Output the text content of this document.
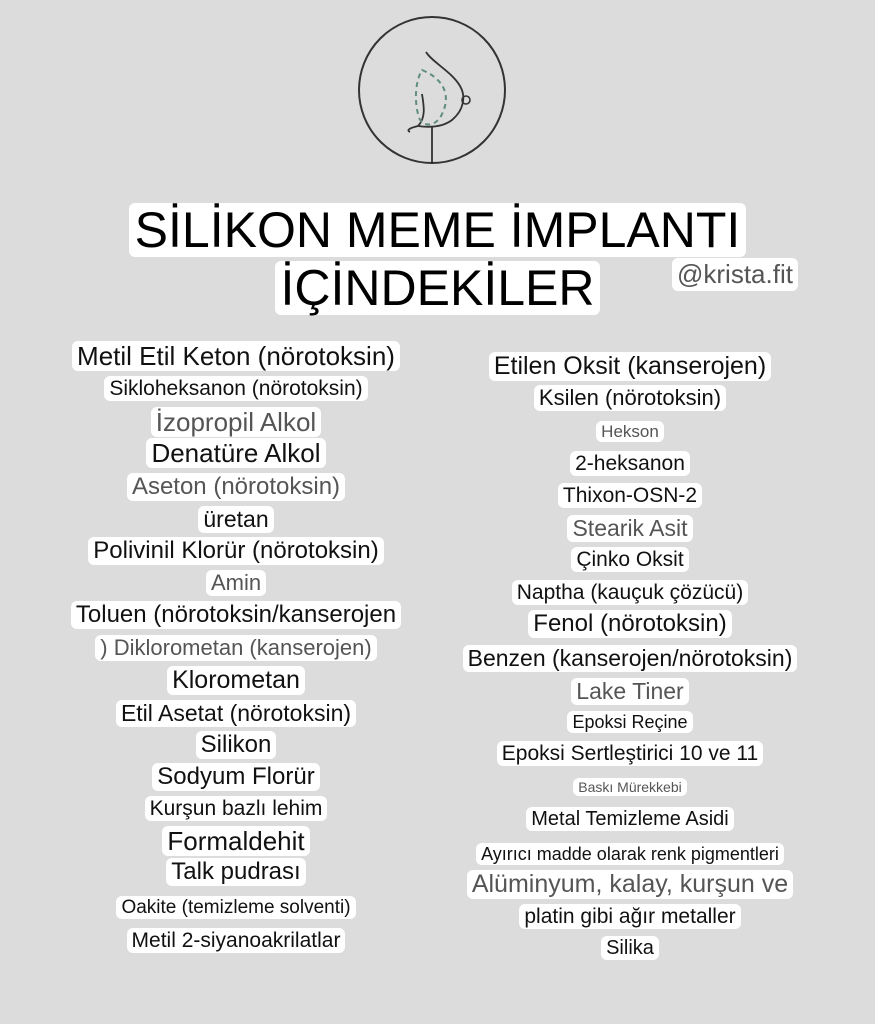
SİLİKON MEME İMPLANTI
İÇİNDEKİLER	@krista.fit
Metil Etil Keton (nörotoksin)
Sikloheksanon (nörotoksin)
İzopropil Alkol
Denatüre Alkol
Aseton (nörotoksin)
üretan
Polivinil Klorür (nörotoksin)
Amin
Toluen (nörotoksin/kanserojen
) Diklorometan (kanserojen)
Klorometan
Etil Asetat (nörotoksin)
Silikon
Sodyum Florür
Kurşun bazlı lehim
Formaldehit
Talk pudrası
Oakite (temizleme solventi)
Metil 2-siyanoakrilatlar
Etilen Oksit (kanserojen)
Ksilen (nörotoksin)
Hekson
2-heksanon
Thixon-OSN-2
Stearik Asit
Çinko Oksit
Naptha (kauçuk çözücü)
Fenol (nörotoksin)
Benzen (kanserojen/nörotoksin)
Lake Tiner
Epoksi Reçine
Epoksi Sertleştirici 10 ve 11
Baskı Mürekkebi
Metal Temizleme Asidi
Ayırıcı madde olarak renk pigmentleri
Alüminyum, kalay, kurşun ve
platin gibi ağır metaller
Silika
